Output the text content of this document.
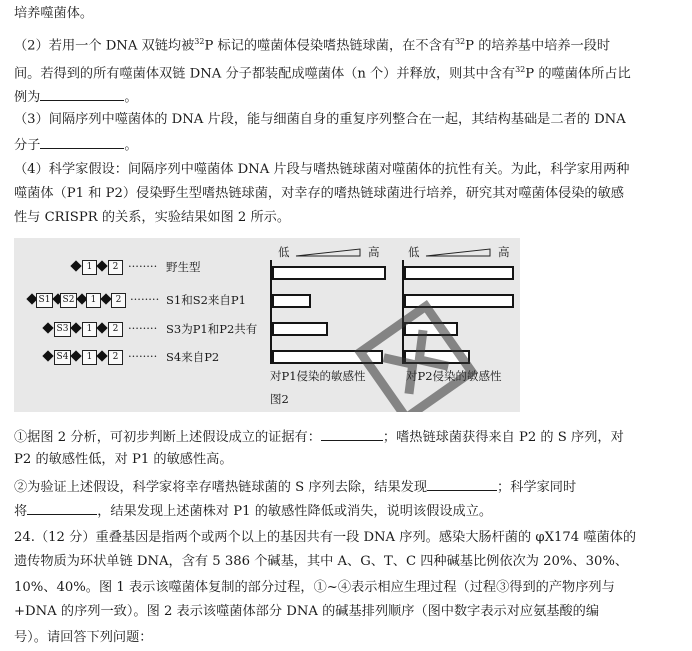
培养噬菌体。
（2）若用一个 DNA 双链均被$^{32}$P 标记的噬菌体侵染嗜热链球菌，在不含有$^{32}$P 的培养基中培养一段时
间。若得到的所有噬菌体双链 DNA 分子都装配成噬菌体（n 个）并释放，则其中含有$^{32}$P 的噬菌体所占比
例为	。
（3）间隔序列中噬菌体的 DNA 片段，能与细菌自身的重复序列整合在一起，其结构基础是二者的 DNA
分子	。
（4）科学家假设：间隔序列中噬菌体 DNA 片段与嗜热链球菌对噬菌体的抗性有关。为此，科学家用两种
噬菌体（P1 和 P2）侵染野生型嗜热链球菌，对幸存的嗜热链球菌进行培养，研究其对噬菌体侵染的敏感
性与 CRISPR 的关系，实验结果如图 2 所示。
1	2 ········ 野生型
S1 S2	1	2 ········ S1和S2来自P1
S3	1	2 ········ S3为P1和P2共有
S4	1	2 ········ S4来自P2
低	高
对P1侵染的敏感性
图2
低	高
对P2侵染的敏感性
①据图 2 分析，可初步判断上述假设成立的证据有：	；嗜热链球菌获得来自 P2 的 S 序列，对
P2 的敏感性低，对 P1 的敏感性高。
②为验证上述假设，科学家将幸存嗜热链球菌的 S 序列去除，结果发现	；科学家同时
将	，结果发现上述菌株对 P1 的敏感性降低或消失，说明该假设成立。
24.（12 分）重叠基因是指两个或两个以上的基因共有一段 DNA 序列。感染大肠杆菌的 φX174 噬菌体的
遗传物质为环状单链 DNA，含有 5 386 个碱基，其中 A、G、T、C 四种碱基比例依次为 20%、30%、
10%、40%。图 1 表示该噬菌体复制的部分过程，①~④表示相应生理过程（过程③得到的产物序列与
+DNA 的序列一致）。图 2 表示该噬菌体部分 DNA 的碱基排列顺序（图中数字表示对应氨基酸的编
号）。请回答下列问题：
